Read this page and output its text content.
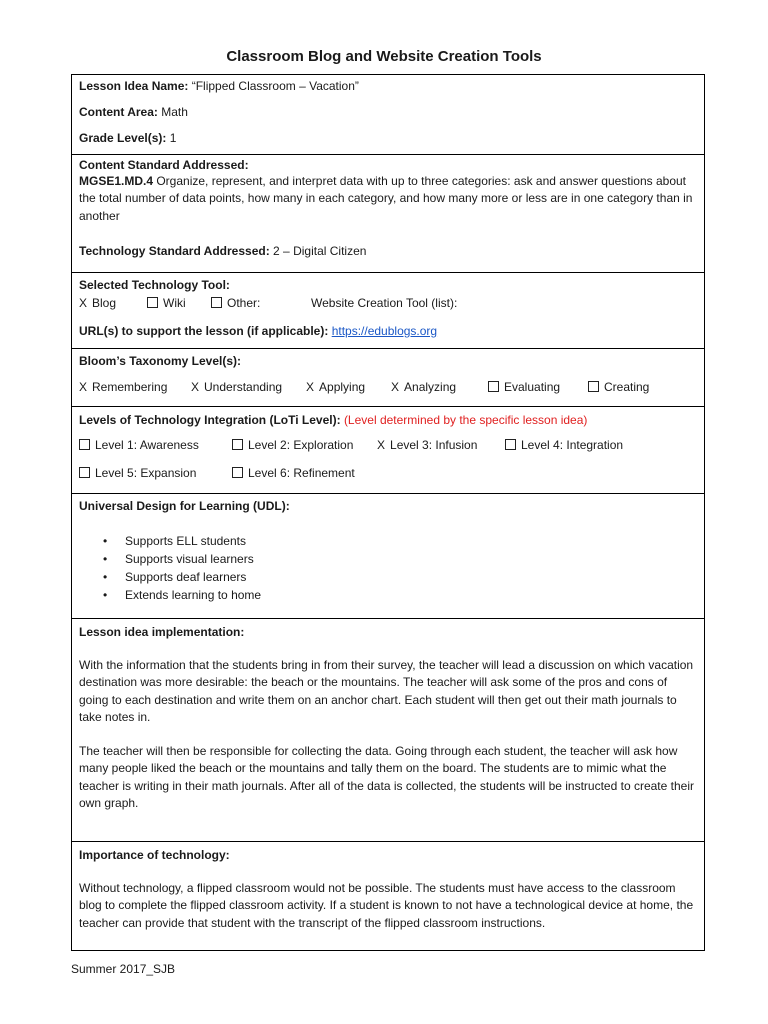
Classroom Blog and Website Creation Tools
Lesson Idea Name: “Flipped Classroom – Vacation”
Content Area: Math
Grade Level(s): 1
Content Standard Addressed:
MGSE1.MD.4 Organize, represent, and interpret data with up to three categories: ask and answer questions about the total number of data points, how many in each category, and how many more or less are in one category than in another
Technology Standard Addressed: 2 – Digital Citizen
Selected Technology Tool:
X Blog	Wiki	Other:	Website Creation Tool (list):
URL(s) to support the lesson (if applicable): https://edublogs.org
Bloom’s Taxonomy Level(s):
X Remembering X Understanding X Applying X Analyzing	Evaluating	Creating
Levels of Technology Integration (LoTi Level): (Level determined by the specific lesson idea)
Level 1: Awareness	Level 2: Exploration X Level 3: Infusion	Level 4: Integration
Level 5: Expansion	Level 6: Refinement
Universal Design for Learning (UDL):
• Supports ELL students
• Supports visual learners
• Supports deaf learners
• Extends learning to home
Lesson idea implementation:
With the information that the students bring in from their survey, the teacher will lead a discussion on which vacation destination was more desirable: the beach or the mountains. The teacher will ask some of the pros and cons of going to each destination and write them on an anchor chart. Each student will then get out their math journals to take notes in.
The teacher will then be responsible for collecting the data. Going through each student, the teacher will ask how many people liked the beach or the mountains and tally them on the board. The students are to mimic what the teacher is writing in their math journals. After all of the data is collected, the students will be instructed to create their own graph.
Importance of technology:
Without technology, a flipped classroom would not be possible. The students must have access to the classroom blog to complete the flipped classroom activity. If a student is known to not have a technological device at home, the teacher can provide that student with the transcript of the flipped classroom instructions.
Summer 2017_SJB
